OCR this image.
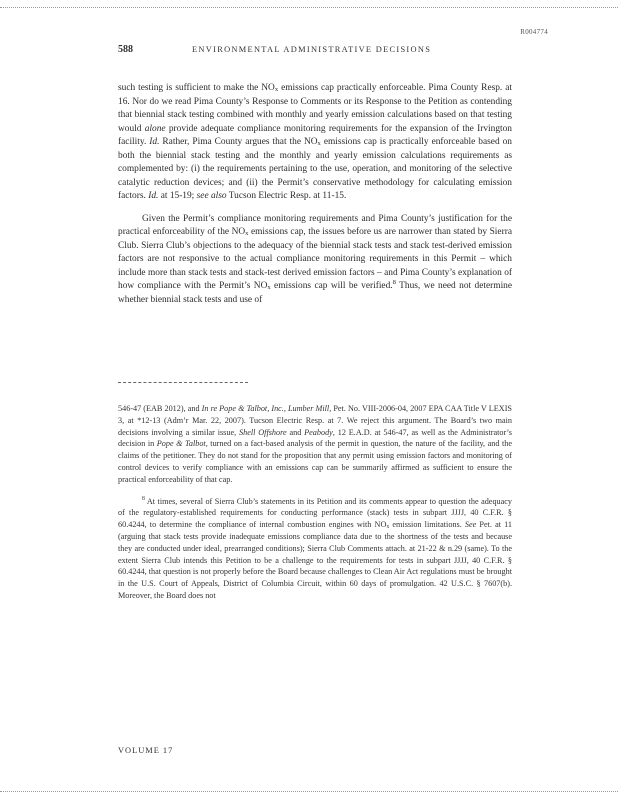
R004774
588	ENVIRONMENTAL ADMINISTRATIVE DECISIONS

such testing is sufficient to make the $NO_x$ emissions cap practically enforceable. Pima County Resp. at 16. Nor do we read Pima County’s Response to Comments or its Response to the Petition as contending that biennial stack testing combined with monthly and yearly emission calculations based on that testing would alone provide adequate compliance monitoring requirements for the expansion of the Irvington facility. Id. Rather, Pima County argues that the $NO_x$ emissions cap is practically enforceable based on both the biennial stack testing and the monthly and yearly emission calculations requirements as complemented by: (i) the requirements pertaining to the use, operation, and monitoring of the selective catalytic reduction devices; and (ii) the Permit’s conservative methodology for calculating emission factors. Id. at 15-19; see also Tucson Electric Resp. at 11-15.

Given the Permit’s compliance monitoring requirements and Pima County’s justification for the practical enforceability of the $NO_x$ emissions cap, the issues before us are narrower than stated by Sierra Club. Sierra Club’s objections to the adequacy of the biennial stack tests and stack test-derived emission factors are not responsive to the actual compliance monitoring requirements in this Permit – which include more than stack tests and stack-test derived emission factors – and Pima County’s explanation of how compliance with the Permit’s $NO_x$ emissions cap will be verified.$^8$ Thus, we need not determine whether biennial stack tests and use of

546-47 (EAB 2012), and In re Pope & Talbot, Inc., Lumber Mill, Pet. No. VIII-2006-04, 2007 EPA CAA Title V LEXIS 3, at *12-13 (Adm’r Mar. 22, 2007). Tucson Electric Resp. at 7. We reject this argument. The Board’s two main decisions involving a similar issue, Shell Offshore and Peabody, 12 E.A.D. at 546-47, as well as the Administrator’s decision in Pope & Talbot, turned on a fact-based analysis of the permit in question, the nature of the facility, and the claims of the petitioner. They do not stand for the proposition that any permit using emission factors and monitoring of control devices to verify compliance with an emissions cap can be summarily affirmed as sufficient to ensure the practical enforceability of that cap.

$^8$ At times, several of Sierra Club’s statements in its Petition and its comments appear to question the adequacy of the regulatory-established requirements for conducting performance (stack) tests in subpart JJJJ, 40 C.F.R. § 60.4244, to determine the compliance of internal combustion engines with $NO_x$ emission limitations. See Pet. at 11 (arguing that stack tests provide inadequate emissions compliance data due to the shortness of the tests and because they are conducted under ideal, prearranged conditions); Sierra Club Comments attach. at 21-22 & n.29 (same). To the extent Sierra Club intends this Petition to be a challenge to the requirements for tests in subpart JJJJ, 40 C.F.R. § 60.4244, that question is not properly before the Board because challenges to Clean Air Act regulations must be brought in the U.S. Court of Appeals, District of Columbia Circuit, within 60 days of promulgation. 42 U.S.C. § 7607(b). Moreover, the Board does not

VOLUME 17
